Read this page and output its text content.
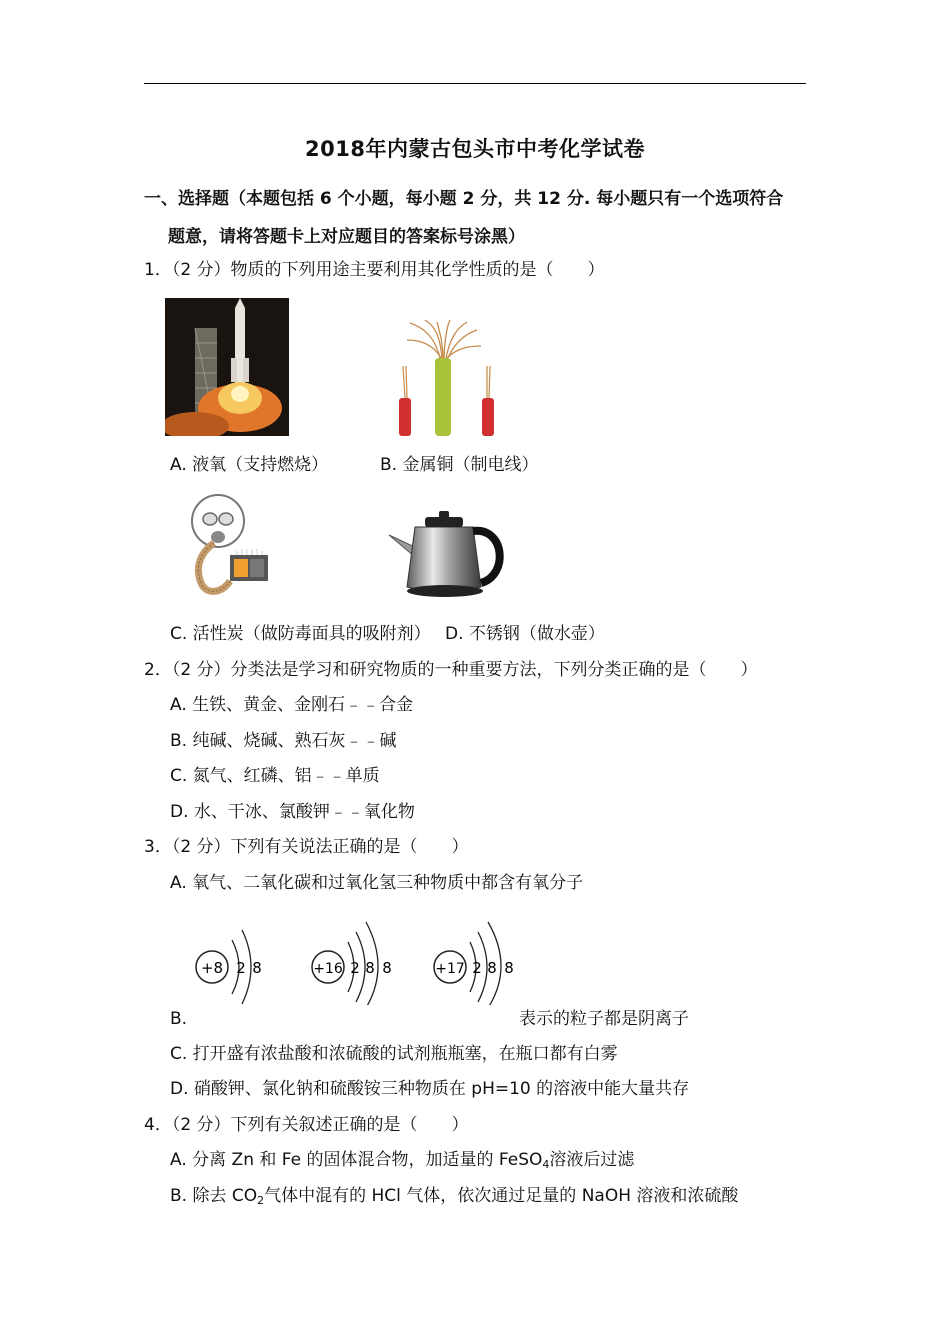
2018年内蒙古包头市中考化学试卷
一、选择题（本题包括 6 个小题，每小题 2 分，共 12 分. 每小题只有一个选项符合
题意，请将答题卡上对应题目的答案标号涂黑）
1．（2 分）物质的下列用途主要利用其化学性质的是（　　）
A. 液氧（支持燃烧）	B. 金属铜（制电线）
C. 活性炭（做防毒面具的吸附剂） D. 不锈钢（做水壶）
2．（2 分）分类法是学习和研究物质的一种重要方法，下列分类正确的是（　　）
A. 生铁、黄金、金刚石﹣﹣合金
B. 纯碱、烧碱、熟石灰﹣﹣碱
C. 氮气、红磷、铝﹣﹣单质
D. 水、干冰、氯酸钾﹣﹣氧化物
3．（2 分）下列有关说法正确的是（　　）
A. 氧气、二氧化碳和过氧化氢三种物质中都含有氧分子
+8 2 8	+16 2 8 8	+17 2 8 8
B.	表示的粒子都是阴离子
C. 打开盛有浓盐酸和浓硫酸的试剂瓶瓶塞，在瓶口都有白雾
D. 硝酸钾、氯化钠和硫酸铵三种物质在 pH=10 的溶液中能大量共存
4．（2 分）下列有关叙述正确的是（　　）
A. 分离 Zn 和 Fe 的固体混合物，加适量的 FeSO$_4$溶液后过滤
B. 除去 $CO_2$气体中混有的 HCl 气体，依次通过足量的 NaOH 溶液和浓硫酸
